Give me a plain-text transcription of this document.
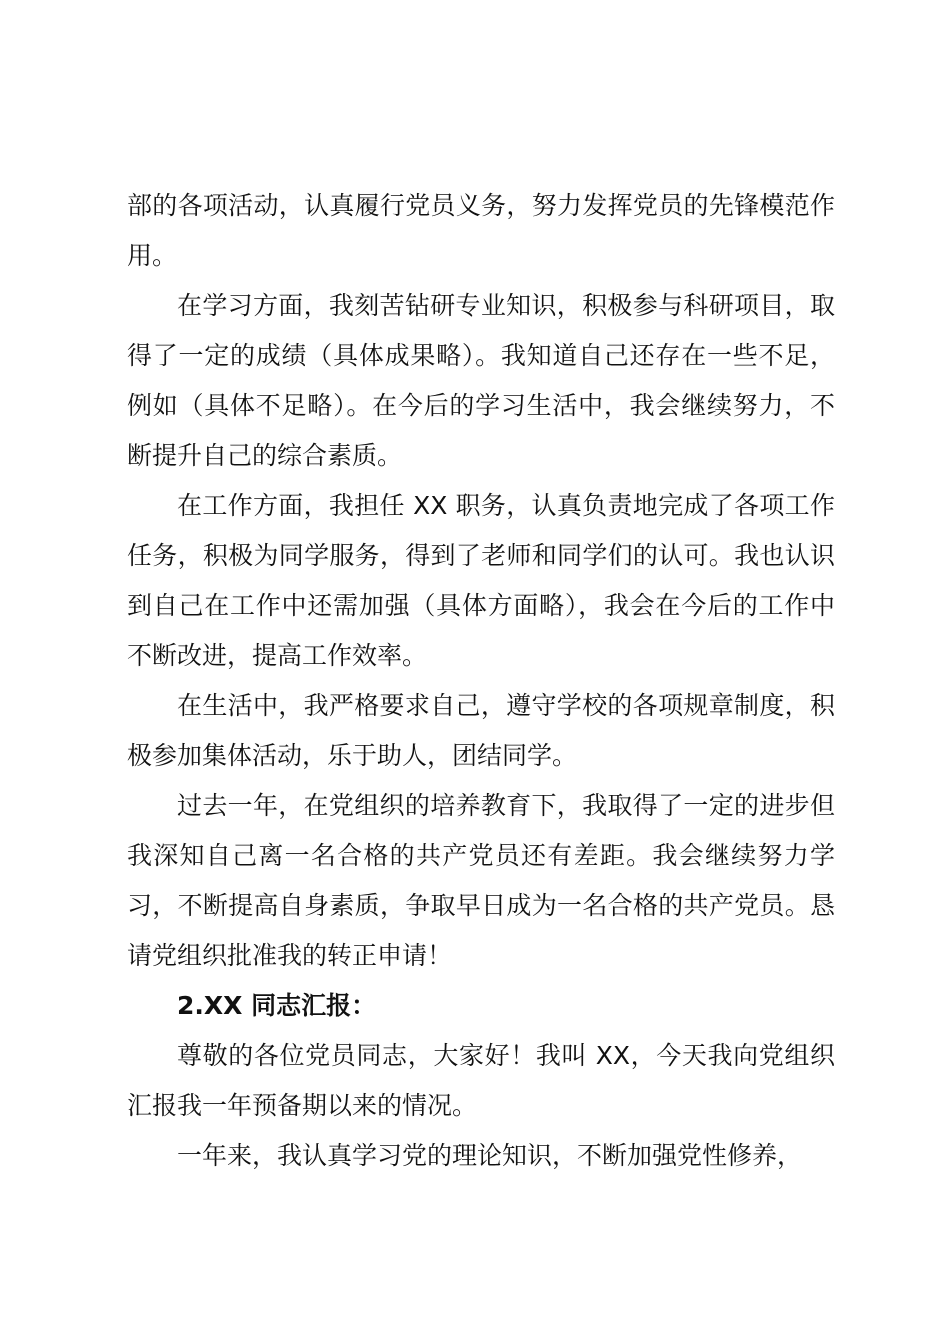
部的各项活动，认真履行党员义务，努力发挥党员的先锋模范作用。

在学习方面，我刻苦钻研专业知识，积极参与科研项目，取得了一定的成绩（具体成果略）。我知道自己还存在一些不足，例如（具体不足略）。在今后的学习生活中，我会继续努力，不断提升自己的综合素质。

在工作方面，我担任 XX 职务，认真负责地完成了各项工作任务，积极为同学服务，得到了老师和同学们的认可。我也认识到自己在工作中还需加强（具体方面略），我会在今后的工作中不断改进，提高工作效率。

在生活中，我严格要求自己，遵守学校的各项规章制度，积极参加集体活动，乐于助人，团结同学。

过去一年，在党组织的培养教育下，我取得了一定的进步但我深知自己离一名合格的共产党员还有差距。我会继续努力学习，不断提高自身素质，争取早日成为一名合格的共产党员。恳请党组织批准我的转正申请！

2.XX 同志汇报：

尊敬的各位党员同志，大家好！我叫 XX，今天我向党组织汇报我一年预备期以来的情况。

一年来，我认真学习党的理论知识，不断加强党性修养，
